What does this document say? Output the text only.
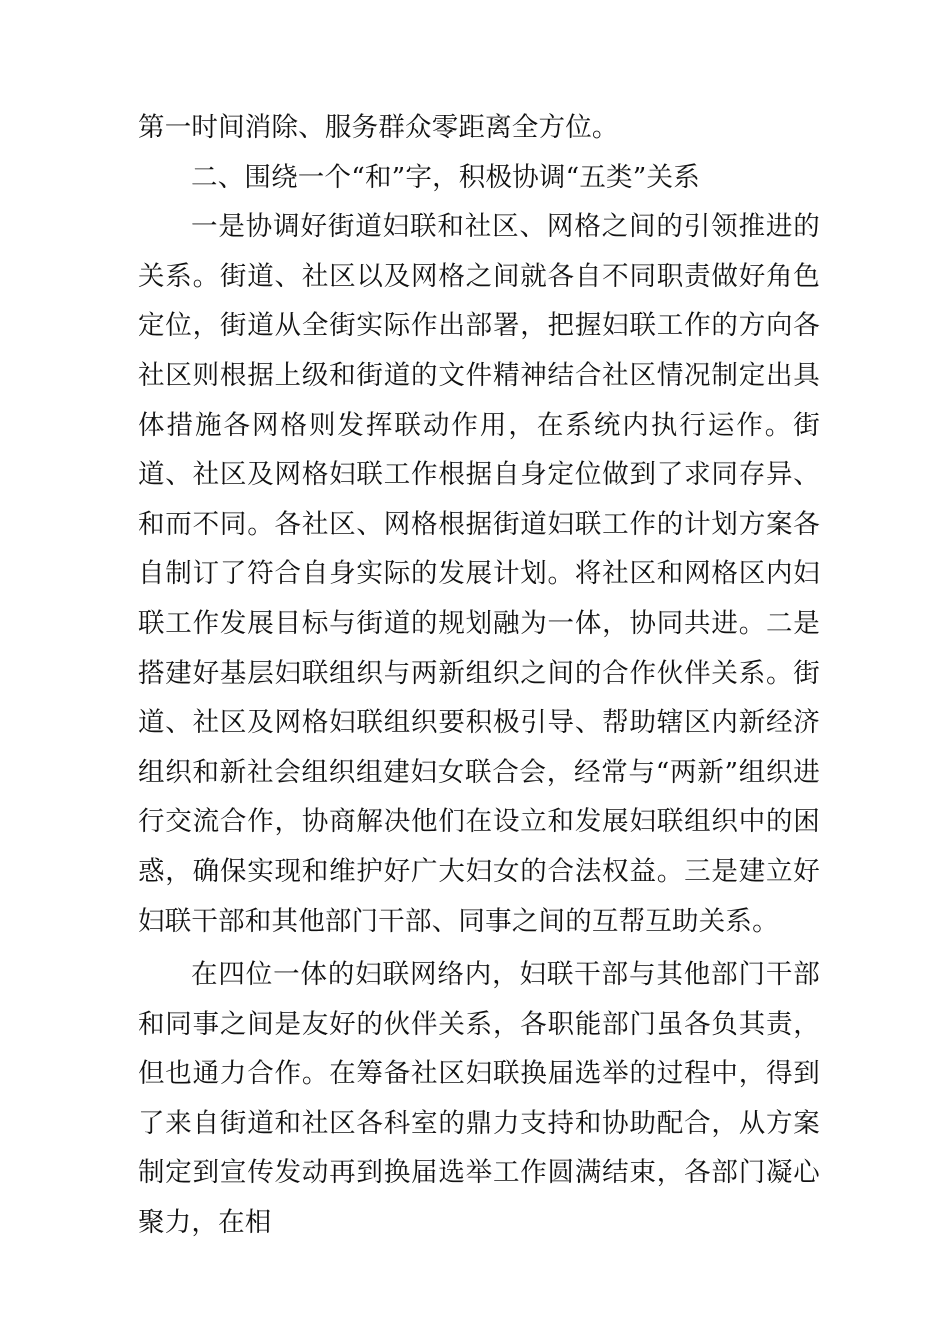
第一时间消除、服务群众零距离全方位。

二、围绕一个“和”字，积极协调“五类”关系

一是协调好街道妇联和社区、网格之间的引领推进的关系。街道、社区以及网格之间就各自不同职责做好角色定位，街道从全街实际作出部署，把握妇联工作的方向各社区则根据上级和街道的文件精神结合社区情况制定出具体措施各网格则发挥联动作用，在系统内执行运作。街道、社区及网格妇联工作根据自身定位做到了求同存异、和而不同。各社区、网格根据街道妇联工作的计划方案各自制订了符合自身实际的发展计划。将社区和网格区内妇联工作发展目标与街道的规划融为一体，协同共进。二是搭建好基层妇联组织与两新组织之间的合作伙伴关系。街道、社区及网格妇联组织要积极引导、帮助辖区内新经济组织和新社会组织组建妇女联合会，经常与“两新”组织进行交流合作，协商解决他们在设立和发展妇联组织中的困惑，确保实现和维护好广大妇女的合法权益。三是建立好妇联干部和其他部门干部、同事之间的互帮互助关系。

在四位一体的妇联网络内，妇联干部与其他部门干部和同事之间是友好的伙伴关系，各职能部门虽各负其责，但也通力合作。在筹备社区妇联换届选举的过程中，得到了来自街道和社区各科室的鼎力支持和协助配合，从方案制定到宣传发动再到换届选举工作圆满结束，各部门凝心聚力，在相
